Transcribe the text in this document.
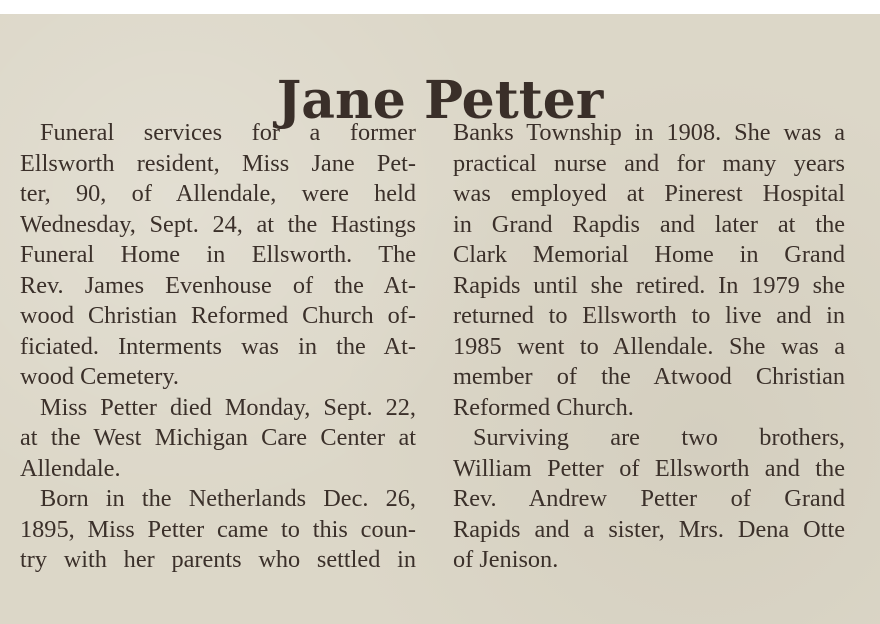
Jane Petter
Funeral services for a former
Ellsworth resident, Miss Jane Pet-
ter, 90, of Allendale, were held
Wednesday, Sept. 24, at the Hastings
Funeral Home in Ellsworth. The
Rev. James Evenhouse of the At-
wood Christian Reformed Church of-
ficiated. Interments was in the At-
wood Cemetery.
Miss Petter died Monday, Sept. 22,
at the West Michigan Care Center at
Allendale.
Born in the Netherlands Dec. 26,
1895, Miss Petter came to this coun-
try with her parents who settled in
Banks Township in 1908. She was a
practical nurse and for many years
was employed at Pinerest Hospital
in Grand Rapdis and later at the
Clark Memorial Home in Grand
Rapids until she retired. In 1979 she
returned to Ellsworth to live and in
1985 went to Allendale. She was a
member of the Atwood Christian
Reformed Church.
Surviving are two brothers,
William Petter of Ellsworth and the
Rev. Andrew Petter of Grand
Rapids and a sister, Mrs. Dena Otte
of Jenison.
